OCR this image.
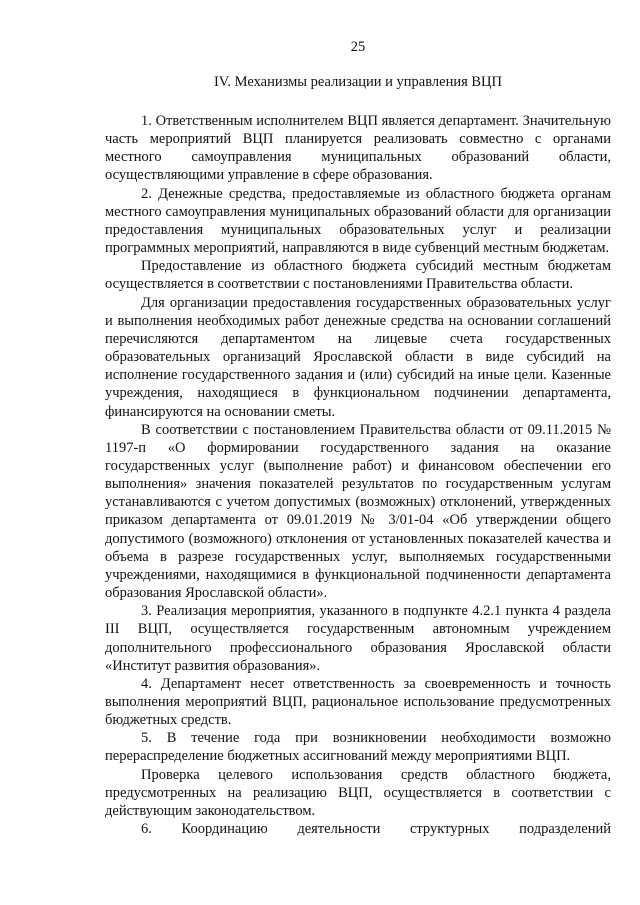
25
IV. Механизмы реализации и управления ВЦП

1. Ответственным исполнителем ВЦП является департамент. Значительную часть мероприятий ВЦП планируется реализовать совместно с органами местного самоуправления муниципальных образований области, осуществляющими управление в сфере образования.

2. Денежные средства, предоставляемые из областного бюджета органам местного самоуправления муниципальных образований области для организации предоставления муниципальных образовательных услуг и реализации программных мероприятий, направляются в виде субвенций местным бюджетам.

Предоставление из областного бюджета субсидий местным бюджетам осуществляется в соответствии с постановлениями Правительства области.

Для организации предоставления государственных образовательных услуг и выполнения необходимых работ денежные средства на основании соглашений перечисляются департаментом на лицевые счета государственных образовательных организаций Ярославской области в виде субсидий на исполнение государственного задания и (или) субсидий на иные цели. Казенные учреждения, находящиеся в функциональном подчинении департамента, финансируются на основании сметы.

В соответствии с постановлением Правительства области от 09.11.2015 № 1197-п «О формировании государственного задания на оказание государственных услуг (выполнение работ) и финансовом обеспечении его выполнения» значения показателей результатов по государственным услугам устанавливаются с учетом допустимых (возможных) отклонений, утвержденных приказом департамента от 09.01.2019 № 3/01-04 «Об утверждении общего допустимого (возможного) отклонения от установленных показателей качества и объема в разрезе государственных услуг, выполняемых государственными учреждениями, находящимися в функциональной подчиненности департамента образования Ярославской области».

3. Реализация мероприятия, указанного в подпункте 4.2.1 пункта 4 раздела III ВЦП, осуществляется государственным автономным учреждением дополнительного профессионального образования Ярославской области «Институт развития образования».

4. Департамент несет ответственность за своевременность и точность выполнения мероприятий ВЦП, рациональное использование предусмотренных бюджетных средств.

5. В течение года при возникновении необходимости возможно перераспределение бюджетных ассигнований между мероприятиями ВЦП.

Проверка целевого использования средств областного бюджета, предусмотренных на реализацию ВЦП, осуществляется в соответствии с действующим законодательством.

6. Координацию деятельности структурных подразделений
